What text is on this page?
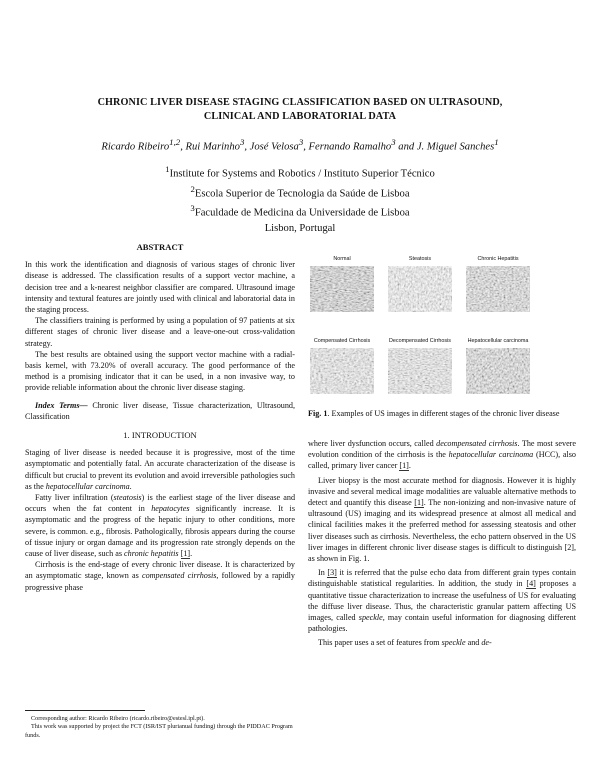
CHRONIC LIVER DISEASE STAGING CLASSIFICATION BASED ON ULTRASOUND,
CLINICAL AND LABORATORIAL DATA
Ricardo Ribeiro$^{1,2}$, Rui Marinho$^3$, José Velosa$^3$, Fernando Ramalho$^3$ and J. Miguel Sanches$^1$
$^1$Institute for Systems and Robotics / Instituto Superior Técnico
$^2$Escola Superior de Tecnologia da Saúde de Lisboa
$^3$Faculdade de Medicina da Universidade de Lisboa
Lisbon, Portugal
ABSTRACT

In this work the identification and diagnosis of various stages of chronic liver disease is addressed. The classification results of a support vector machine, a decision tree and a k-nearest neighbor classifier are compared. Ultrasound image intensity and textural features are jointly used with clinical and laboratorial data in the staging process.

The classifiers training is performed by using a population of 97 patients at six different stages of chronic liver disease and a leave-one-out cross-validation strategy.

The best results are obtained using the support vector machine with a radial-basis kernel, with 73.20% of overall accuracy. The good performance of the method is a promising indicator that it can be used, in a non invasive way, to provide reliable information about the chronic liver disease staging.

Index Terms— Chronic liver disease, Tissue characterization, Ultrasound, Classification

1. INTRODUCTION

Staging of liver disease is needed because it is progressive, most of the time asymptomatic and potentially fatal. An accurate characterization of the disease is difficult but crucial to prevent its evolution and avoid irreversible pathologies such as the hepatocellular carcinoma.

Fatty liver infiltration (steatosis) is the earliest stage of the liver disease and occurs when the fat content in hepatocytes significantly increase. It is asymptomatic and the progress of the hepatic injury to other conditions, more severe, is common. e.g., fibrosis. Pathologically, fibrosis appears during the course of tissue injury or organ damage and its progression rate strongly depends on the cause of liver disease, such as chronic hepatitis [1].

Cirrhosis is the end-stage of every chronic liver disease. It is characterized by an asymptomatic stage, known as compensated cirrhosis, followed by a rapidly progressive phase

Corresponding author: Ricardo Ribeiro (ricardo.ribeiro@estesl.ipl.pt).

This work was supported by project the FCT (ISR/IST plurianual funding) through the PIDDAC Program funds.

Normal	Steatosis	Chronic Hepatitis
Compensated Cirrhosis	Decompensated Cirrhosis	Hepatocellular carcinoma
Fig. 1. Examples of US images in different stages of the chronic liver disease

where liver dysfunction occurs, called decompensated cirrhosis. The most severe evolution condition of the cirrhosis is the hepatocellular carcinoma (HCC), also called, primary liver cancer [1].

Liver biopsy is the most accurate method for diagnosis. However it is highly invasive and several medical image modalities are valuable alternative methods to detect and quantify this disease [1]. The non-ionizing and non-invasive nature of ultrasound (US) imaging and its widespread presence at almost all medical and clinical facilities makes it the preferred method for assessing steatosis and other liver diseases such as cirrhosis. Nevertheless, the echo pattern observed in the US liver images in different chronic liver disease stages is difficult to distinguish [2], as shown in Fig. 1.

In [3] it is referred that the pulse echo data from different grain types contain distinguishable statistical regularities. In addition, the study in [4] proposes a quantitative tissue characterization to increase the usefulness of US for evaluating the diffuse liver disease. Thus, the characteristic granular pattern affecting US images, called speckle, may contain useful information for diagnosing different pathologies.

This paper uses a set of features from speckle and de-
